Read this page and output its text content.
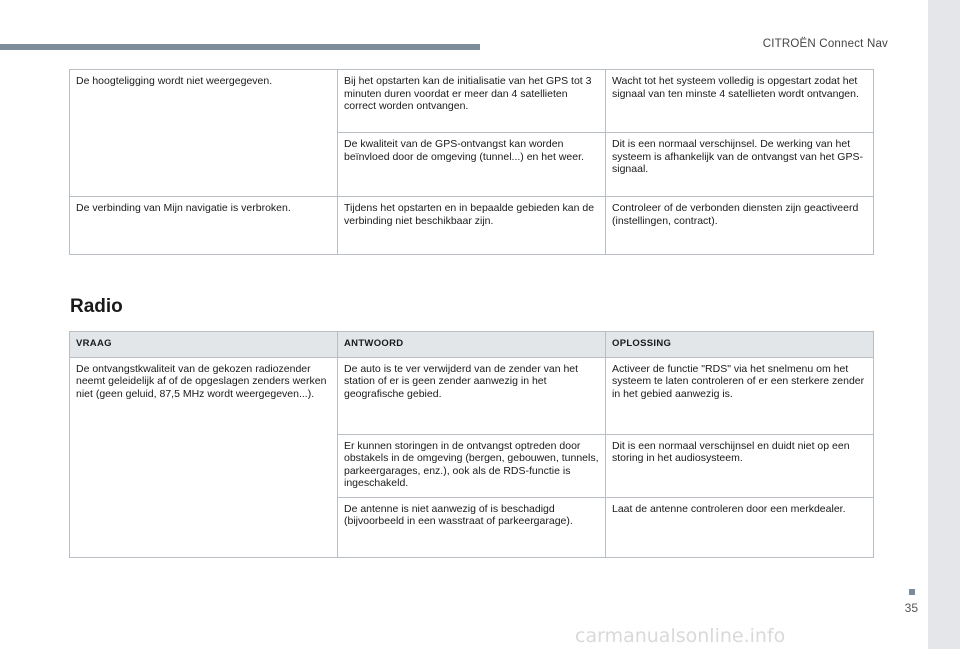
CITROËN Connect Nav
De hoogteligging wordt niet weergegeven.	Bij het opstarten kan de initialisatie van het GPS tot 3 minuten duren voordat er meer dan 4 satellieten correct worden ontvangen.	Wacht tot het systeem volledig is opgestart zodat het signaal van ten minste 4 satellieten wordt ontvangen.
	De kwaliteit van de GPS-ontvangst kan worden beïnvloed door de omgeving (tunnel...) en het weer.	Dit is een normaal verschijnsel. De werking van het systeem is afhankelijk van de ontvangst van het GPS-signaal.
De verbinding van Mijn navigatie is verbroken.	Tijdens het opstarten en in bepaalde gebieden kan de verbinding niet beschikbaar zijn.	Controleer of de verbonden diensten zijn geactiveerd (instellingen, contract).
Radio
VRAAG	ANTWOORD	OPLOSSING
De ontvangstkwaliteit van de gekozen radiozender neemt geleidelijk af of de opgeslagen zenders werken niet (geen geluid, 87,5 MHz wordt weergegeven...).	De auto is te ver verwijderd van de zender van het station of er is geen zender aanwezig in het geografische gebied.	Activeer de functie "RDS" via het snelmenu om het systeem te laten controleren of er een sterkere zender in het gebied aanwezig is.
	Er kunnen storingen in de ontvangst optreden door obstakels in de omgeving (bergen, gebouwen, tunnels, parkeergarages, enz.), ook als de RDS-functie is ingeschakeld.	Dit is een normaal verschijnsel en duidt niet op een storing in het audiosysteem.
	De antenne is niet aanwezig of is beschadigd (bijvoorbeeld in een wasstraat of parkeergarage).	Laat de antenne controleren door een merkdealer.
35
carmanualsonline.info
